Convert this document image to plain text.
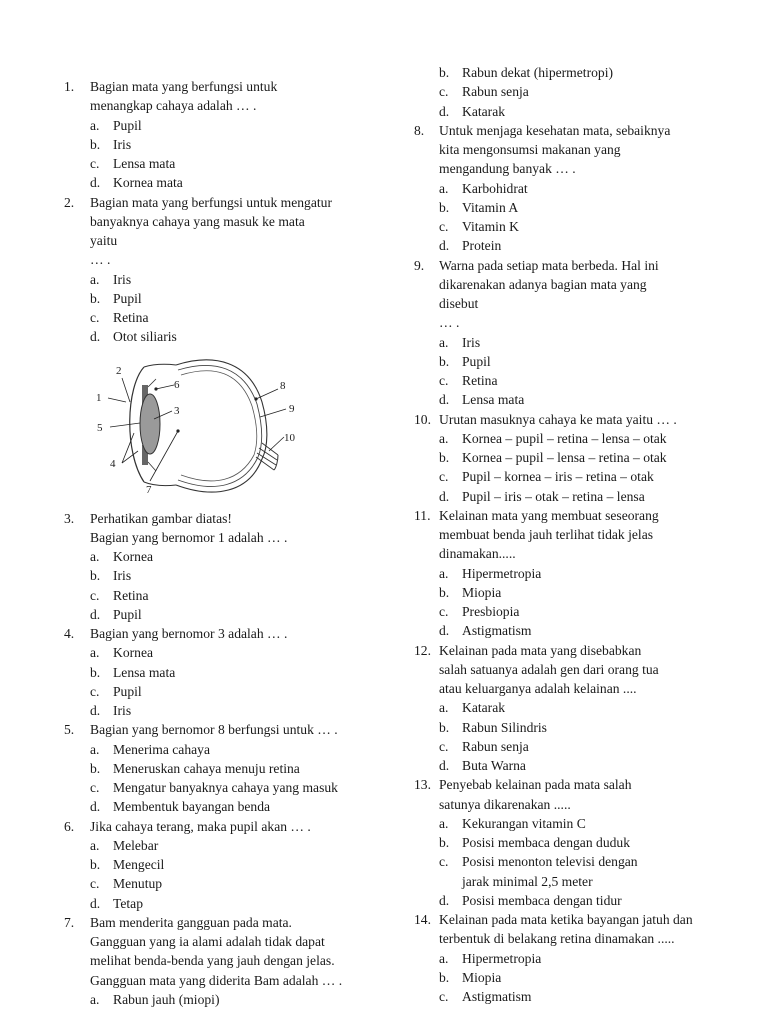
1. Bagian mata yang berfungsi untuk
menangkap cahaya adalah … .
a. Pupil
b. Iris
c. Lensa mata
d. Kornea mata
2. Bagian mata yang berfungsi untuk mengatur
banyaknya cahaya yang masuk ke mata
yaitu
… .
a. Iris
b. Pupil
c. Retina
d. Otot siliaris
1
2
3
4
5
6
7
8
9
10
3. Perhatikan gambar diatas!
Bagian yang bernomor 1 adalah … .
a. Kornea
b. Iris
c. Retina
d. Pupil
4. Bagian yang bernomor 3 adalah … .
a. Kornea
b. Lensa mata
c. Pupil
d. Iris
5. Bagian yang bernomor 8 berfungsi untuk … .
a. Menerima cahaya
b. Meneruskan cahaya menuju retina
c. Mengatur banyaknya cahaya yang masuk
d. Membentuk bayangan benda
6. Jika cahaya terang, maka pupil akan … .
a. Melebar
b. Mengecil
c. Menutup
d. Tetap
7. Bam menderita gangguan pada mata.
Gangguan yang ia alami adalah tidak dapat
melihat benda-benda yang jauh dengan jelas.
Gangguan mata yang diderita Bam adalah … .
a. Rabun jauh (miopi)
b. Rabun dekat (hipermetropi)
c. Rabun senja
d. Katarak
8. Untuk menjaga kesehatan mata, sebaiknya
kita mengonsumsi makanan yang
mengandung banyak … .
a. Karbohidrat
b. Vitamin A
c. Vitamin K
d. Protein
9. Warna pada setiap mata berbeda. Hal ini
dikarenakan adanya bagian mata yang
disebut
… .
a. Iris
b. Pupil
c. Retina
d. Lensa mata
10. Urutan masuknya cahaya ke mata yaitu … .
a. Kornea – pupil – retina – lensa – otak
b. Kornea – pupil – lensa – retina – otak
c. Pupil – kornea – iris – retina – otak
d. Pupil – iris – otak – retina – lensa
11. Kelainan mata yang membuat seseorang
membuat benda jauh terlihat tidak jelas
dinamakan.....
a. Hipermetropia
b. Miopia
c. Presbiopia
d. Astigmatism
12. Kelainan pada mata yang disebabkan
salah satuanya adalah gen dari orang tua
atau keluarganya adalah kelainan ....
a. Katarak
b. Rabun Silindris
c. Rabun senja
d. Buta Warna
13. Penyebab kelainan pada mata salah
satunya dikarenakan .....
a. Kekurangan vitamin C
b. Posisi membaca dengan duduk
c. Posisi menonton televisi dengan
jarak minimal 2,5 meter
d. Posisi membaca dengan tidur
14. Kelainan pada mata ketika bayangan jatuh dan
terbentuk di belakang retina dinamakan .....
a. Hipermetropia
b. Miopia
c. Astigmatism
